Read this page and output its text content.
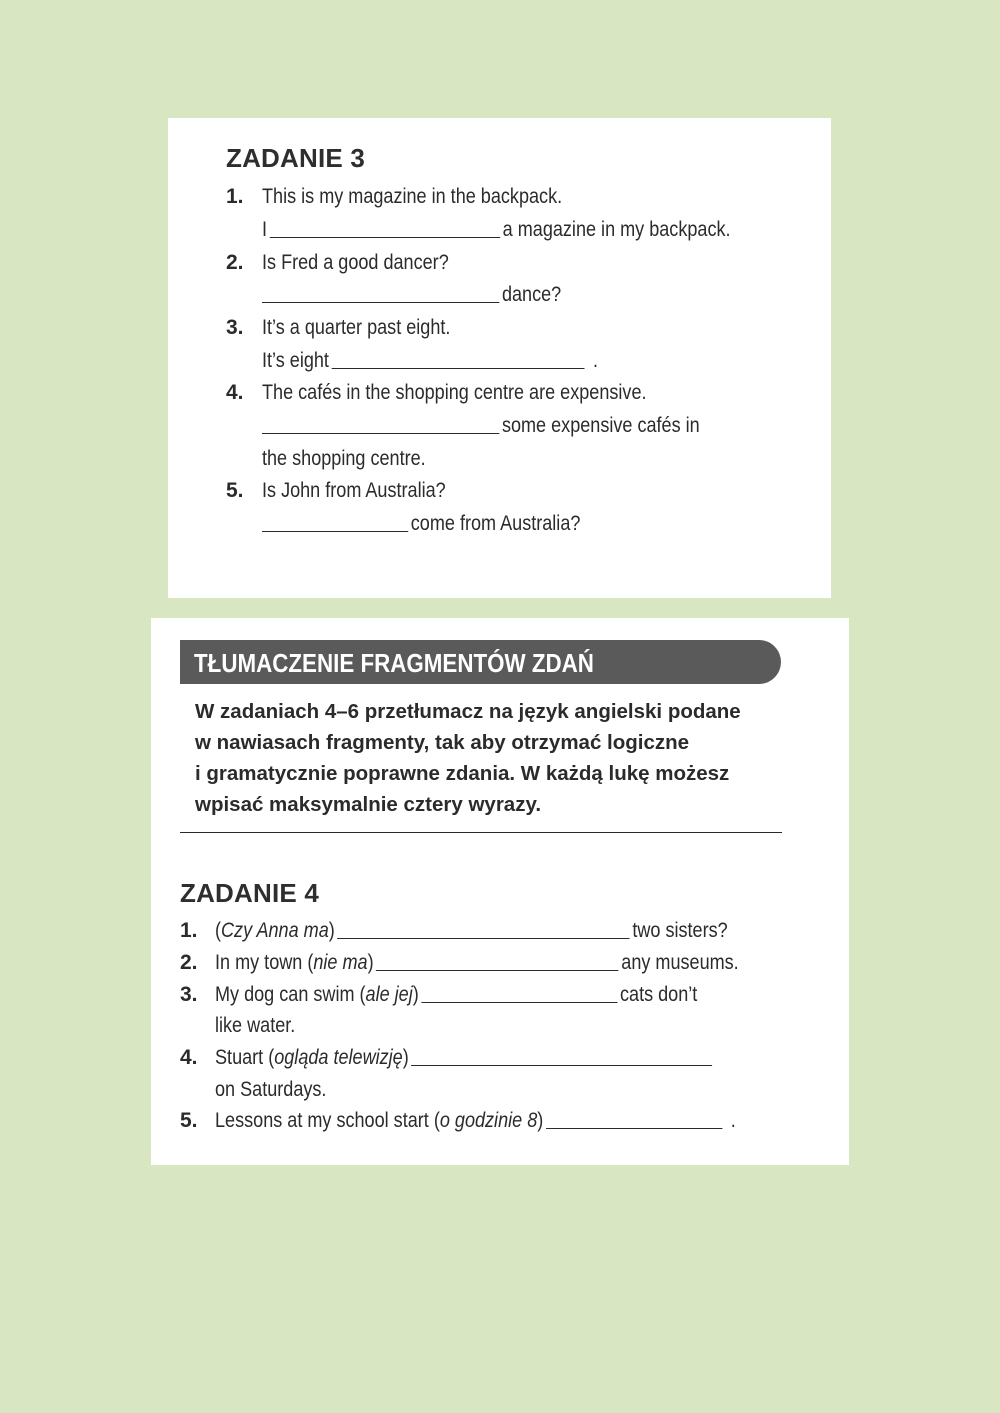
ZADANIE 3
1. This is my magazine in the backpack.
I	a magazine in my backpack.
2. Is Fred a good dancer?
dance?
3. It’s a quarter past eight.
It’s eight	.
4. The cafés in the shopping centre are expensive.
some expensive cafés in
the shopping centre.
5. Is John from Australia?
come from Australia?
TŁUMACZENIE FRAGMENTÓW ZDAŃ
W zadaniach 4–6 przetłumacz na język angielski podane
w nawiasach fragmenty, tak aby otrzymać logiczne
i gramatycznie poprawne zdania. W każdą lukę możesz
wpisać maksymalnie cztery wyrazy.
ZADANIE 4
1. (Czy Anna ma)	two sisters?
2. In my town (nie ma)	any museums.
3. My dog can swim (ale jej)	cats don’t
like water.
4. Stuart (ogląda telewizję)
on Saturdays.
5. Lessons at my school start (o godzinie 8)	.
